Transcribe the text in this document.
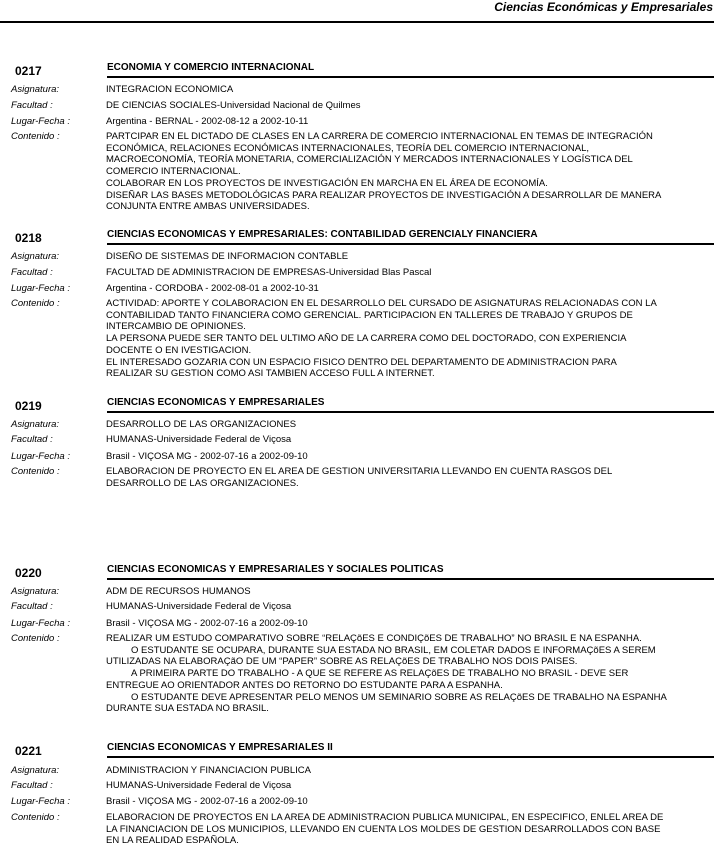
Ciencias Económicas y Empresariales
0217	ECONOMIA Y COMERCIO INTERNACIONAL
Asignatura:	INTEGRACION ECONOMICA
Facultad :	DE CIENCIAS SOCIALES-Universidad Nacional de Quilmes
Lugar-Fecha :	Argentina - BERNAL - 2002-08-12 a 2002-10-11
Contenido :	PARTCIPAR EN EL DICTADO DE CLASES EN LA CARRERA DE COMERCIO INTERNACIONAL EN TEMAS DE INTEGRACIÓN
ECONÓMICA, RELACIONES ECONÓMICAS INTERNACIONALES, TEORÍA DEL COMERCIO INTERNACIONAL,
MACROECONOMÍA, TEORÍA MONETARIA, COMERCIALIZACIÓN Y MERCADOS INTERNACIONALES Y LOGÍSTICA DEL
COMERCIO INTERNACIONAL.
COLABORAR EN LOS PROYECTOS DE INVESTIGACIÓN EN MARCHA EN EL ÁREA DE ECONOMÍA.
DISEÑAR LAS BASES METODOLÓGICAS PARA REALIZAR PROYECTOS DE INVESTIGACIÓN A DESARROLLAR DE MANERA
CONJUNTA ENTRE AMBAS UNIVERSIDADES.
0218	CIENCIAS ECONOMICAS Y EMPRESARIALES: CONTABILIDAD GERENCIALY FINANCIERA
Asignatura:	DISEÑO DE SISTEMAS DE INFORMACION CONTABLE
Facultad :	FACULTAD DE ADMINISTRACION DE EMPRESAS-Universidad Blas Pascal
Lugar-Fecha :	Argentina - CORDOBA - 2002-08-01 a 2002-10-31
Contenido :	ACTIVIDAD: APORTE Y COLABORACION EN EL DESARROLLO DEL CURSADO DE ASIGNATURAS RELACIONADAS CON LA
CONTABILIDAD TANTO FINANCIERA COMO GERENCIAL. PARTICIPACION EN TALLERES DE TRABAJO Y GRUPOS DE
INTERCAMBIO DE OPINIONES.
LA PERSONA PUEDE SER TANTO DEL ULTIMO AÑO DE LA CARRERA COMO DEL DOCTORADO, CON EXPERIENCIA
DOCENTE O EN IVESTIGACION.
EL INTERESADO GOZARIA CON UN ESPACIO FISICO DENTRO DEL DEPARTAMENTO DE ADMINISTRACION PARA
REALIZAR SU GESTION COMO ASI TAMBIEN ACCESO FULL A INTERNET.
0219	CIENCIAS ECONOMICAS Y EMPRESARIALES
Asignatura:	DESARROLLO DE LAS ORGANIZACIONES
Facultad :	HUMANAS-Universidade Federal de Viçosa
Lugar-Fecha :	Brasil - VIÇOSA MG - 2002-07-16 a 2002-09-10
Contenido :	ELABORACION DE PROYECTO EN EL AREA DE GESTION UNIVERSITARIA LLEVANDO EN CUENTA RASGOS DEL
DESARROLLO DE LAS ORGANIZACIONES.
0220	CIENCIAS ECONOMICAS Y EMPRESARIALES Y SOCIALES POLITICAS
Asignatura:	ADM DE RECURSOS HUMANOS
Facultad :	HUMANAS-Universidade Federal de Viçosa
Lugar-Fecha :	Brasil - VIÇOSA MG - 2002-07-16 a 2002-09-10
Contenido :	REALIZAR UM ESTUDO COMPARATIVO SOBRE “RELAÇõES E CONDIÇõES DE TRABALHO” NO BRASIL E NA ESPANHA.
O ESTUDANTE SE OCUPARA, DURANTE SUA ESTADA NO BRASIL, EM COLETAR DADOS E INFORMAÇõES A SEREM
UTILIZADAS NA ELABORAÇãO DE UM “PAPER” SOBRE AS RELAÇõES DE TRABALHO NOS DOIS PAISES.
A PRIMEIRA PARTE DO TRABALHO - A QUE SE REFERE AS RELAÇõES DE TRABALHO NO BRASIL - DEVE SER
ENTREGUE AO ORIENTADOR ANTES DO RETORNO DO ESTUDANTE PARA A ESPANHA.
O ESTUDANTE DEVE APRESENTAR PELO MENOS UM SEMINARIO SOBRE AS RELAÇõES DE TRABALHO NA ESPANHA
DURANTE SUA ESTADA NO BRASIL.
0221	CIENCIAS ECONOMICAS Y EMPRESARIALES II
Asignatura:	ADMINISTRACION Y FINANCIACION PUBLICA
Facultad :	HUMANAS-Universidade Federal de Viçosa
Lugar-Fecha :	Brasil - VIÇOSA MG - 2002-07-16 a 2002-09-10
Contenido :	ELABORACION DE PROYECTOS EN LA AREA DE ADMINISTRACION PUBLICA MUNICIPAL, EN ESPECIFICO, ENLEL AREA DE
LA FINANCIACION DE LOS MUNICIPIOS, LLEVANDO EN CUENTA LOS MOLDES DE GESTION DESARROLLADOS CON BASE
EN LA REALIDAD ESPAÑOLA.
